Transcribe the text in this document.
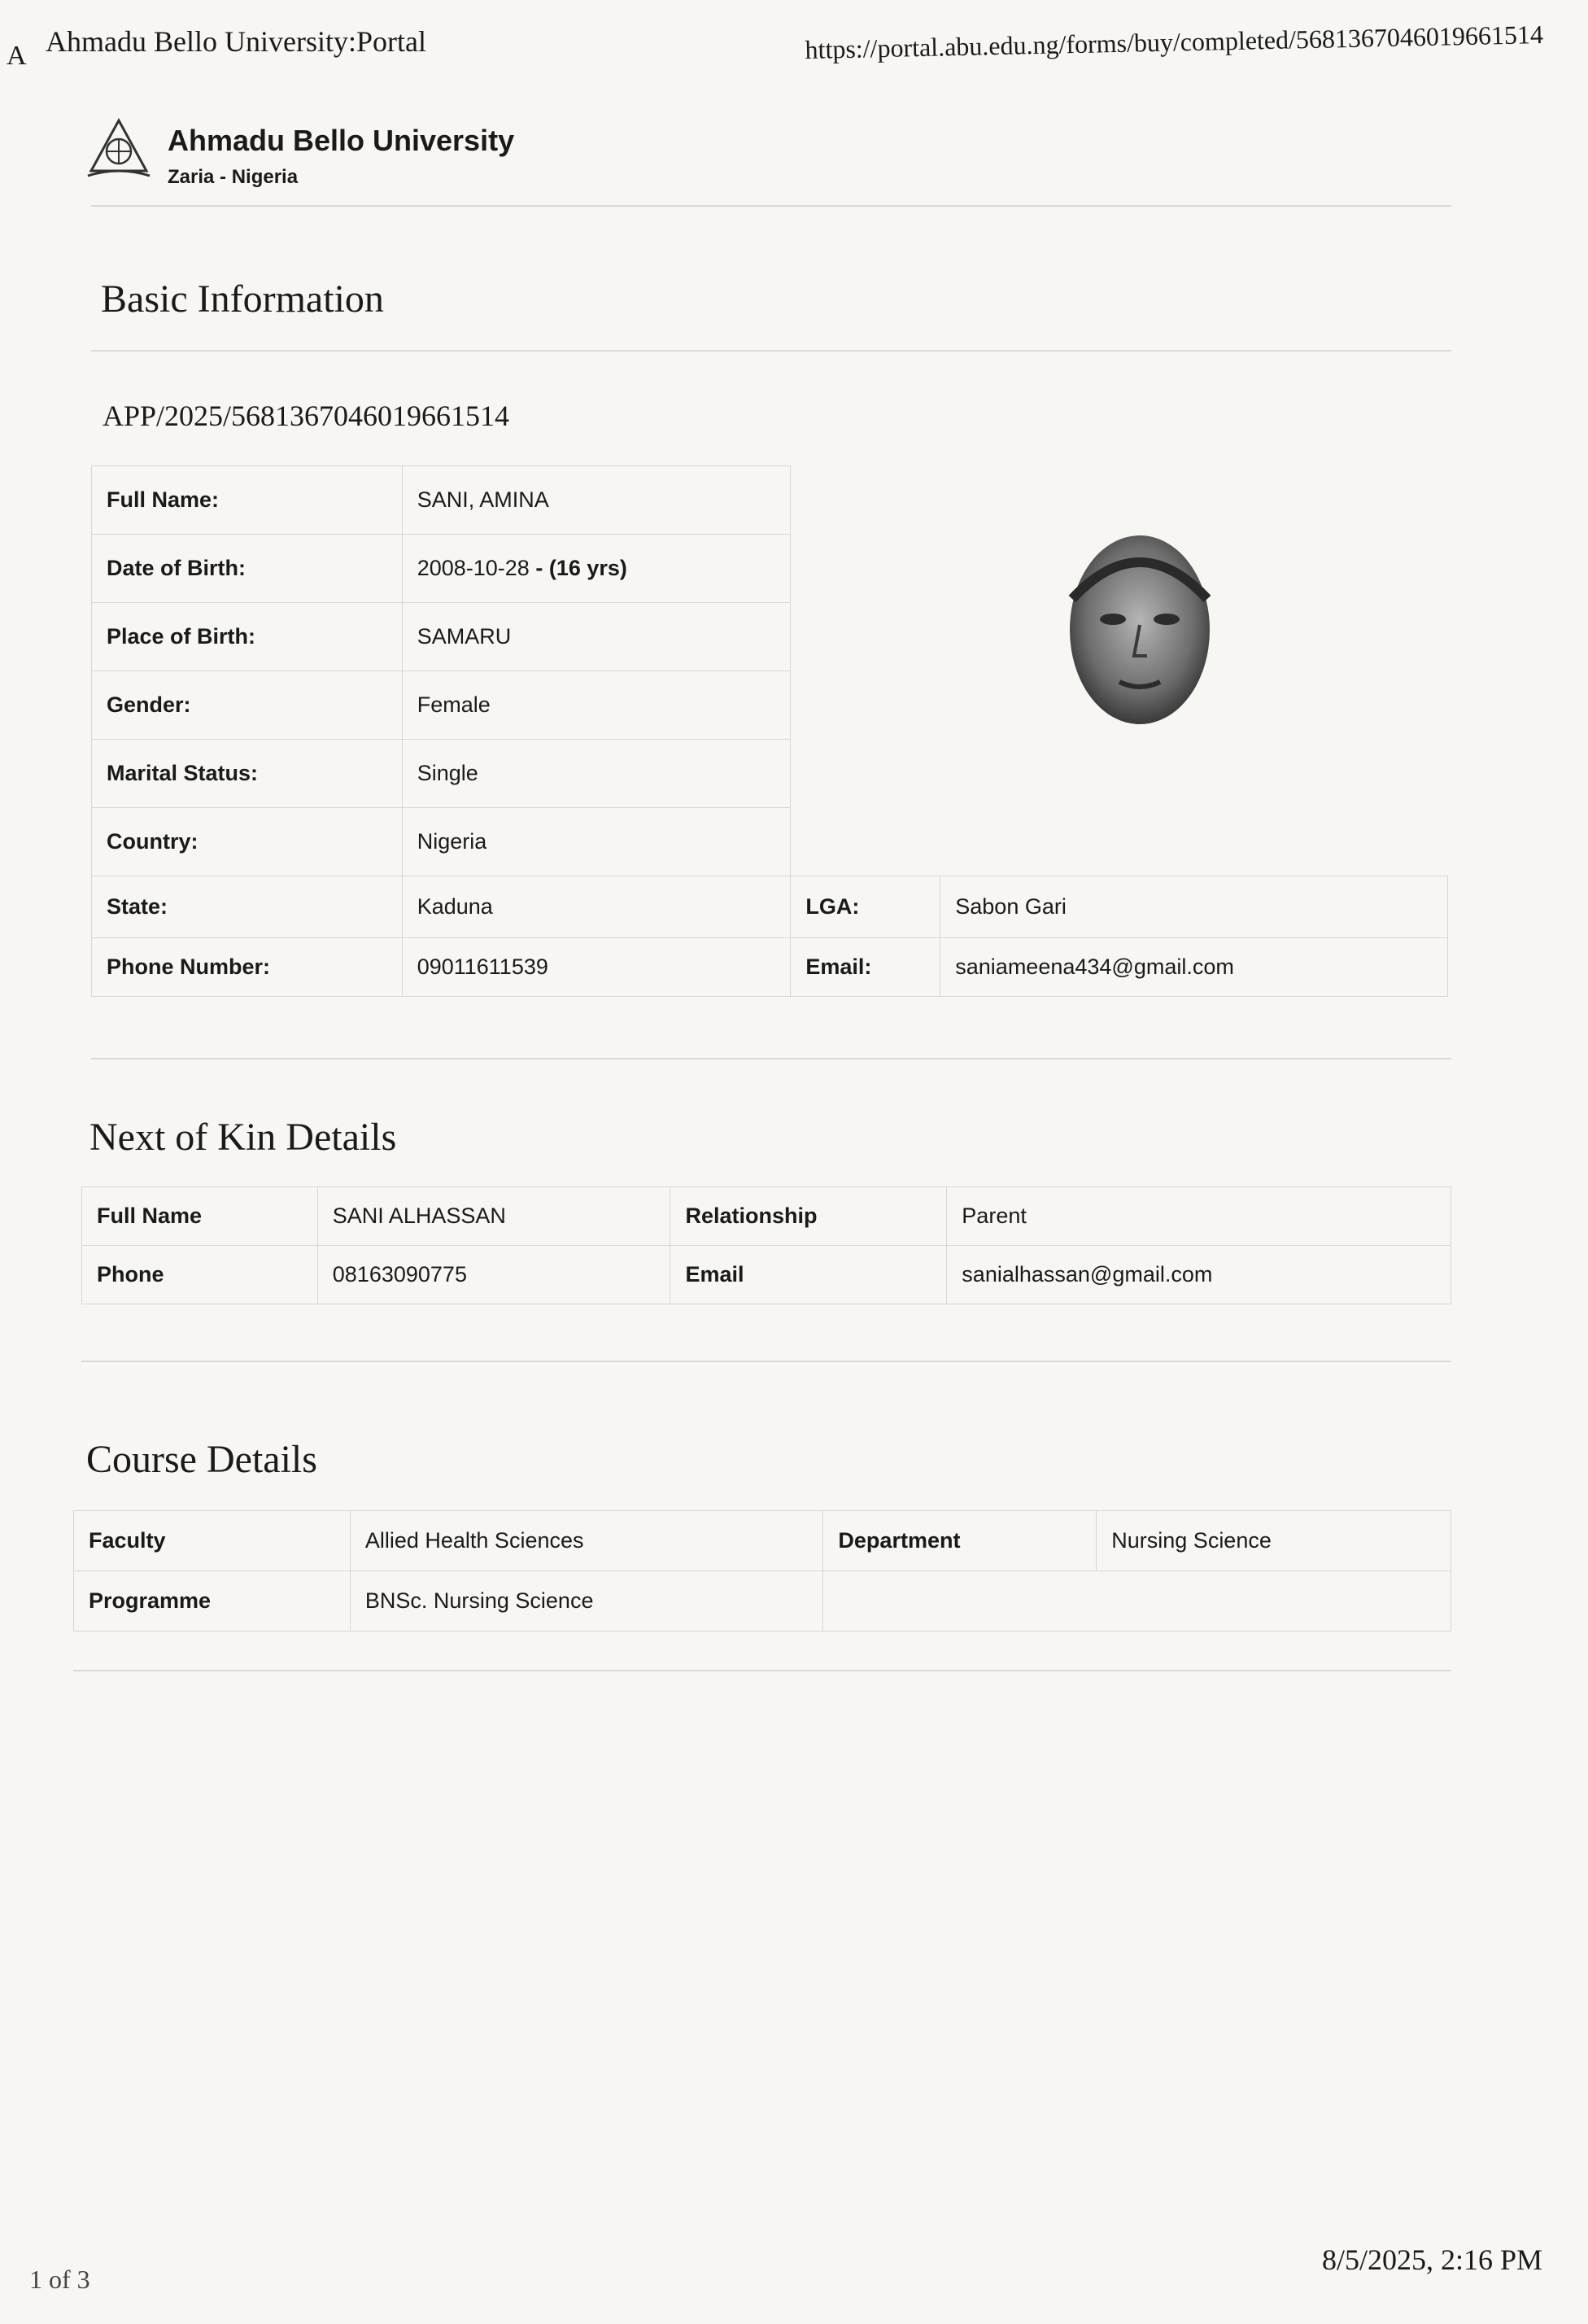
A Ahmadu Bello University:Portal	https://portal.abu.edu.ng/forms/buy/completed/5681367046019661514
Ahmadu Bello University
Zaria - Nigeria
Basic Information
APP/2025/5681367046019661514
Full Name:	SANI, AMINA		
Date of Birth:	2008-10-28 - (16 yrs)		
Place of Birth:	SAMARU		
Gender:	Female		
Marital Status:	Single		
Country:	Nigeria		
State:	Kaduna	LGA:	Sabon Gari
Phone Number:	09011611539	Email:	saniameena434@gmail.com
Next of Kin Details
Full Name	SANI ALHASSAN	Relationship	Parent
Phone	08163090775	Email	sanialhassan@gmail.com
Course Details
Faculty	Allied Health Sciences	Department	Nursing Science
Programme	BNSc. Nursing Science		
1 of 3
8/5/2025, 2:16 PM
